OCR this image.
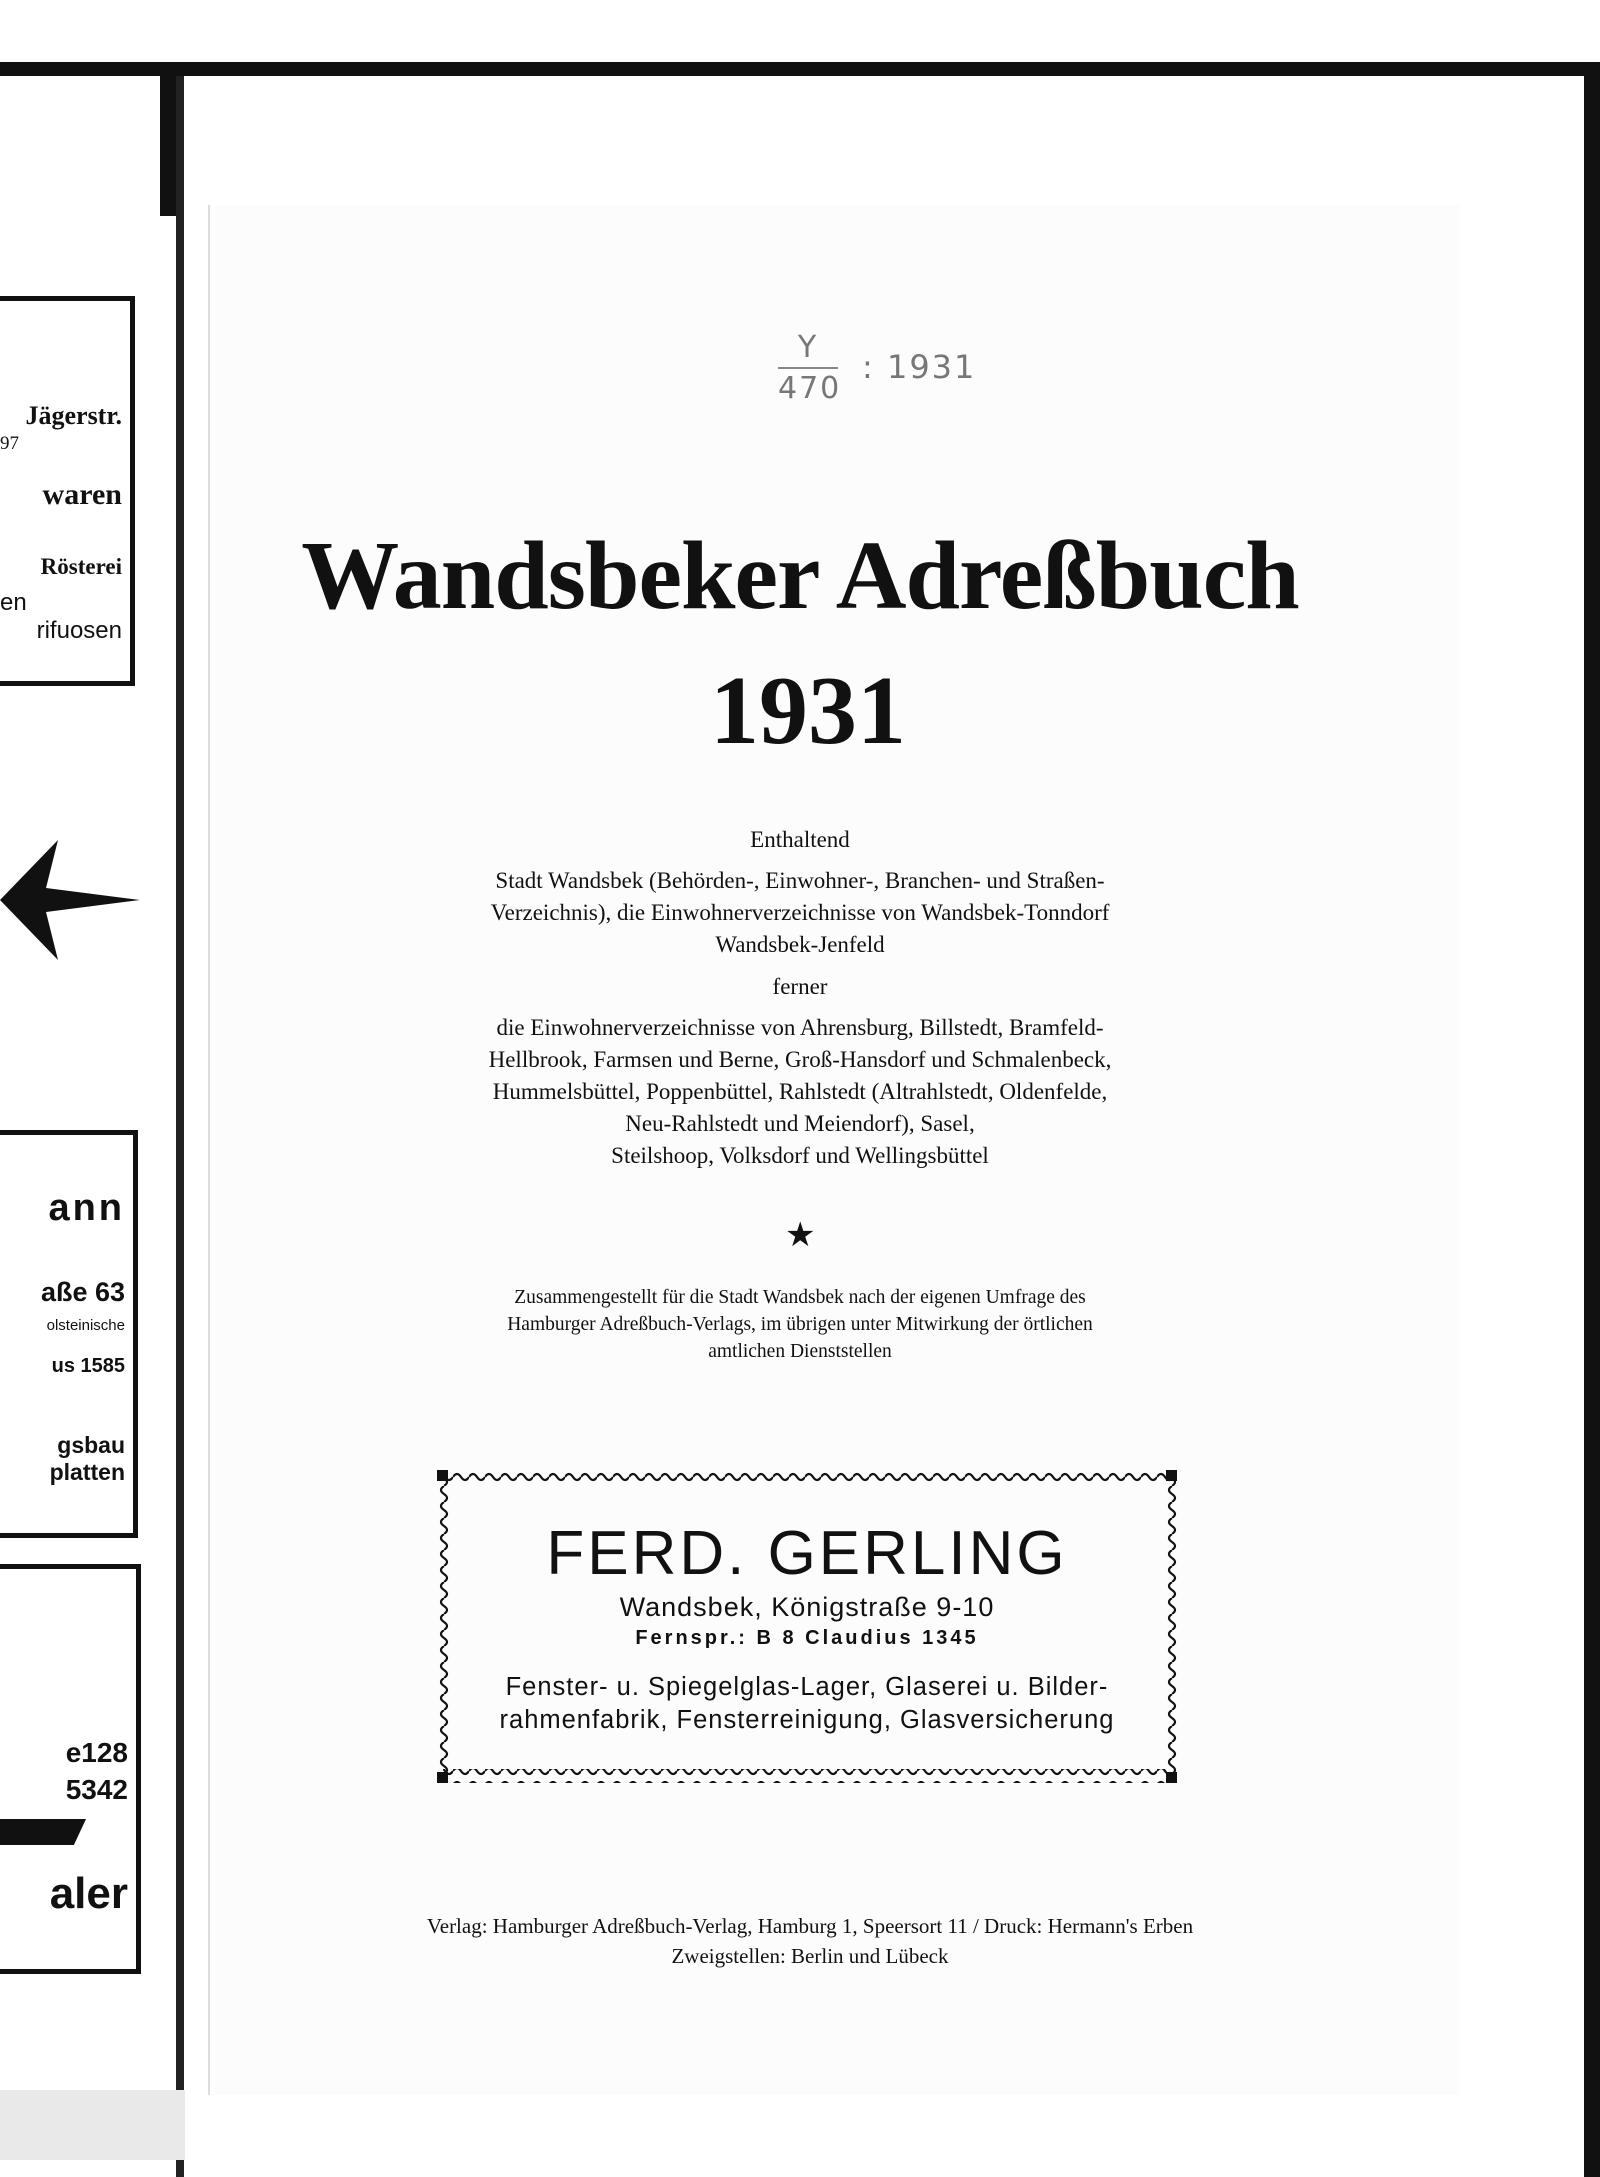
Jägerstr.
97
waren
Rösterei
en
rifuosen
ann
aße 63
olsteinische
us 1585
gsbau
platten
e128
5342
aler
Y
470
: 1931
Wandsbeker Adreßbuch
1931
Enthaltend
Stadt Wandsbek (Behörden-, Einwohner-, Branchen- und Straßen-
Verzeichnis), die Einwohnerverzeichnisse von Wandsbek-Tonndorf
Wandsbek-Jenfeld
ferner
die Einwohnerverzeichnisse von Ahrensburg, Billstedt, Bramfeld-
Hellbrook, Farmsen und Berne, Groß-Hansdorf und Schmalenbeck,
Hummelsbüttel, Poppenbüttel, Rahlstedt (Altrahlstedt, Oldenfelde,
Neu-Rahlstedt und Meiendorf), Sasel,
Steilshoop, Volksdorf und Wellingsbüttel
★
Zusammengestellt für die Stadt Wandsbek nach der eigenen Umfrage des
Hamburger Adreßbuch-Verlags, im übrigen unter Mitwirkung der örtlichen
amtlichen Dienststellen
FERD. GERLING
Wandsbek, Königstraße 9-10
Fernspr.: B 8 Claudius 1345
Fenster- u. Spiegelglas-Lager, Glaserei u. Bilder-
rahmenfabrik, Fensterreinigung, Glasversicherung
Verlag: Hamburger Adreßbuch-Verlag, Hamburg 1, Speersort 11 / Druck: Hermann's Erben
Zweigstellen: Berlin und Lübeck
